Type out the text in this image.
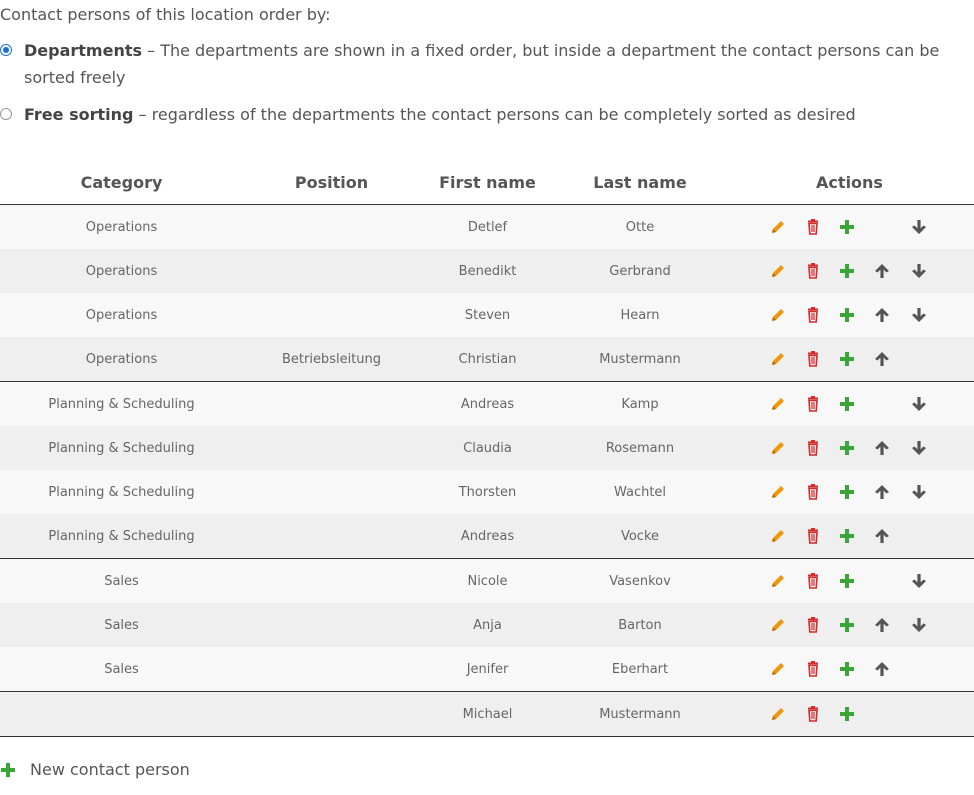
Contact persons of this location order by:
Departments – The departments are shown in a fixed order, but inside a department the contact persons can be sorted freely
Free sorting – regardless of the departments the contact persons can be completely sorted as desired
Category	Position	First name	Last name	Actions
Operations		Detlef	Otte	

Operations		Benedikt	Gerbrand	

Operations		Steven	Hearn	

Operations	Betriebsleitung	Christian	Mustermann	

Planning & Scheduling		Andreas	Kamp	

Planning & Scheduling		Claudia	Rosemann	

Planning & Scheduling		Thorsten	Wachtel	

Planning & Scheduling		Andreas	Vocke	

Sales		Nicole	Vasenkov	

Sales		Anja	Barton	

Sales		Jenifer	Eberhart	

		Michael	Mustermann	
New contact person
